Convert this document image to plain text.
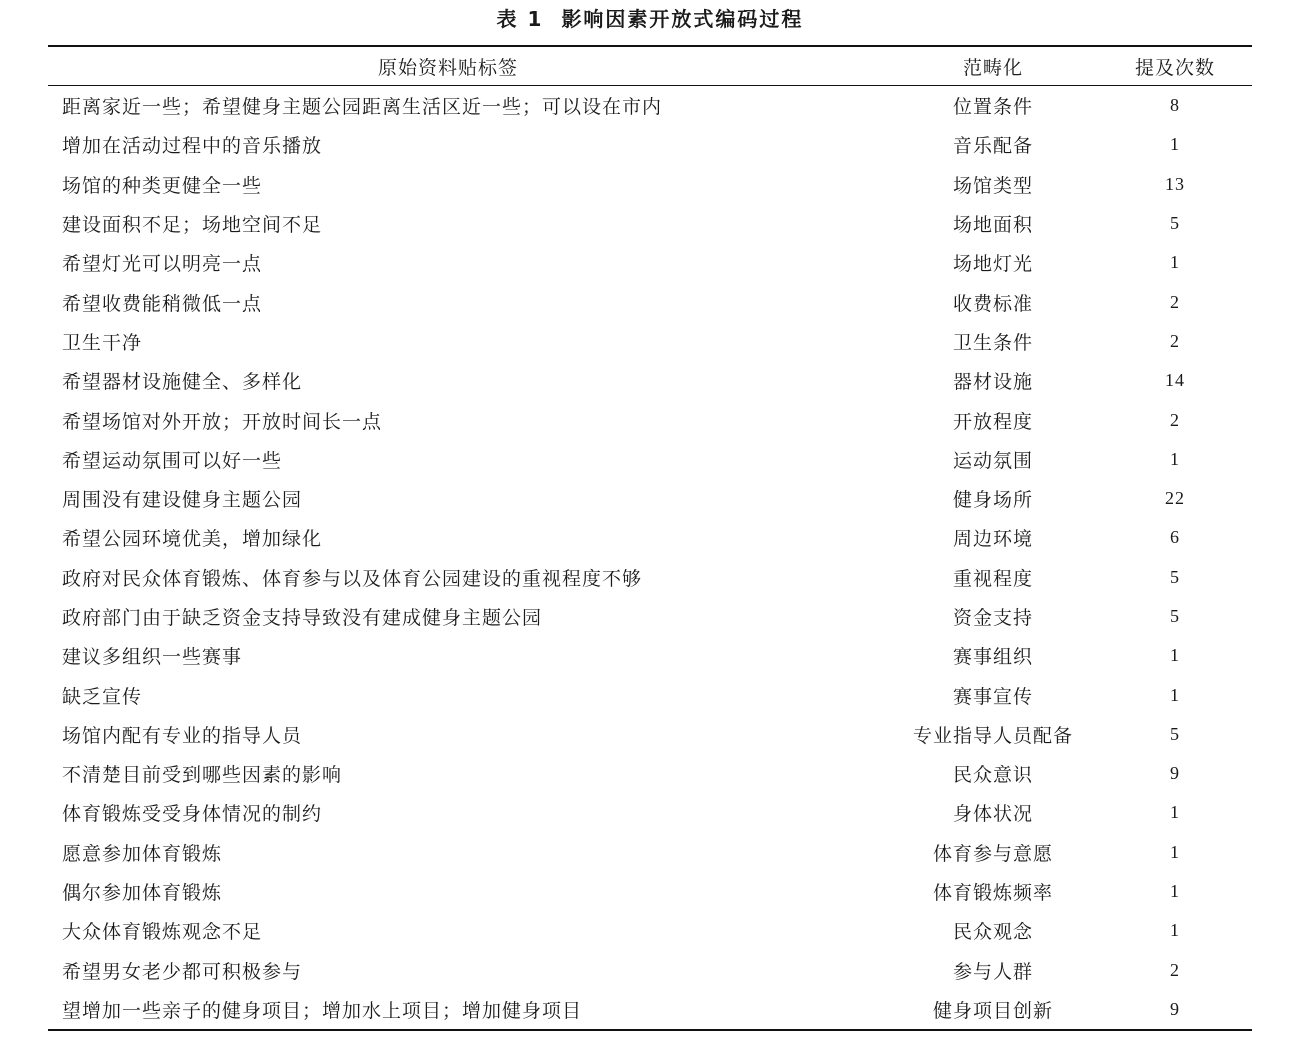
表 1 影响因素开放式编码过程
原始资料贴标签	范畴化	提及次数
距离家近一些；希望健身主题公园距离生活区近一些；可以设在市内	位置条件	8
增加在活动过程中的音乐播放	音乐配备	1
场馆的种类更健全一些	场馆类型	13
建设面积不足；场地空间不足	场地面积	5
希望灯光可以明亮一点	场地灯光	1
希望收费能稍微低一点	收费标准	2
卫生干净	卫生条件	2
希望器材设施健全、多样化	器材设施	14
希望场馆对外开放；开放时间长一点	开放程度	2
希望运动氛围可以好一些	运动氛围	1
周围没有建设健身主题公园	健身场所	22
希望公园环境优美，增加绿化	周边环境	6
政府对民众体育锻炼、体育参与以及体育公园建设的重视程度不够	重视程度	5
政府部门由于缺乏资金支持导致没有建成健身主题公园	资金支持	5
建议多组织一些赛事	赛事组织	1
缺乏宣传	赛事宣传	1
场馆内配有专业的指导人员	专业指导人员配备	5
不清楚目前受到哪些因素的影响	民众意识	9
体育锻炼受受身体情况的制约	身体状况	1
愿意参加体育锻炼	体育参与意愿	1
偶尔参加体育锻炼	体育锻炼频率	1
大众体育锻炼观念不足	民众观念	1
希望男女老少都可积极参与	参与人群	2
望增加一些亲子的健身项目；增加水上项目；增加健身项目	健身项目创新	9
